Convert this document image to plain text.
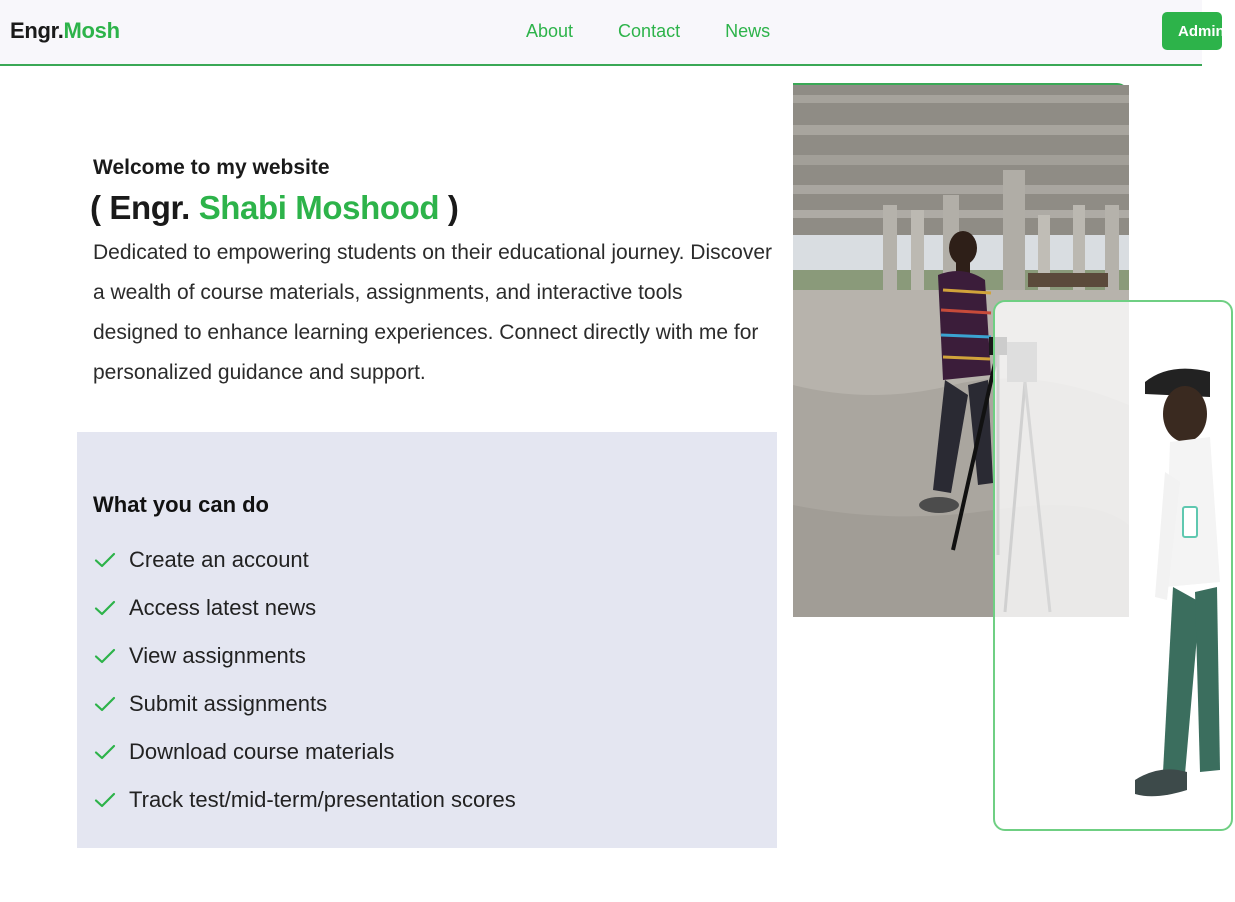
Engr.Mosh	About	Contact	News	Admin
Welcome to my website
( Engr. Shabi Moshood )

Dedicated to empowering students on their educational journey. Discover a wealth of course materials, assignments, and interactive tools designed to enhance learning experiences. Connect directly with me for personalized guidance and support.

What you can do
Create an account
Access latest news
View assignments
Submit assignments
Download course materials
Track test/mid-term/presentation scores
